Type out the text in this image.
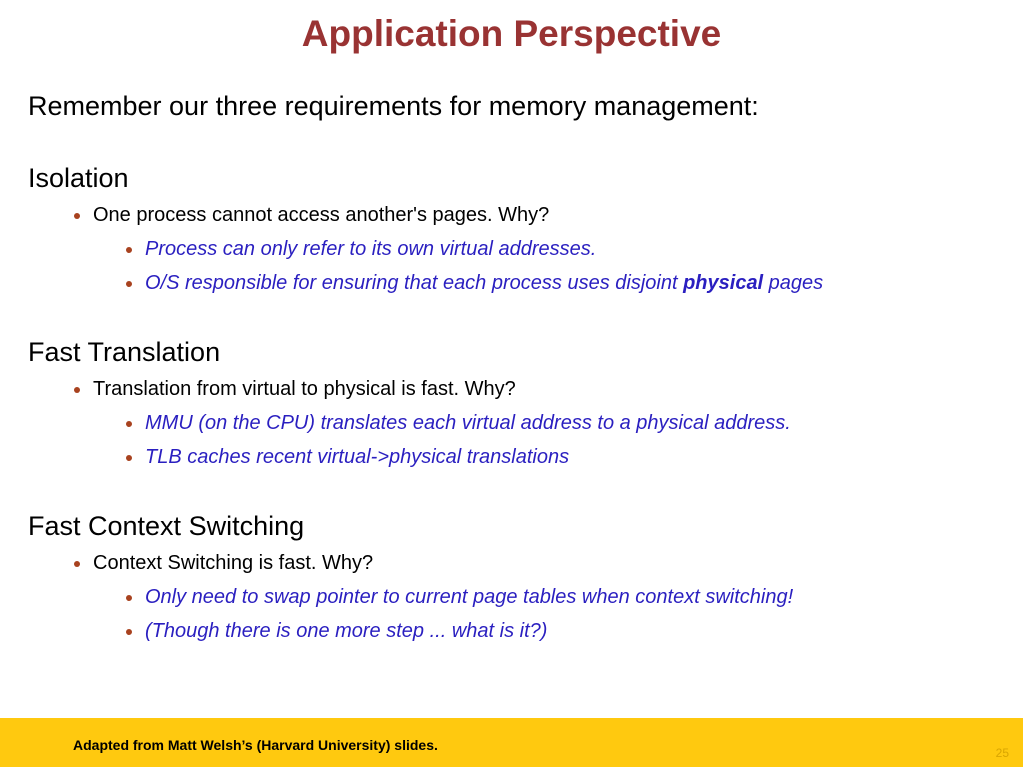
Application Perspective

Remember our three requirements for memory management:

Isolation
One process cannot access another's pages. Why?
Process can only refer to its own virtual addresses.
O/S responsible for ensuring that each process uses disjoint physical pages
Fast Translation
Translation from virtual to physical is fast. Why?
MMU (on the CPU) translates each virtual address to a physical address.
TLB caches recent virtual->physical translations
Fast Context Switching
Context Switching is fast. Why?
Only need to swap pointer to current page tables when context switching!
(Though there is one more step ... what is it?)
Adapted from Matt Welsh’s (Harvard University) slides.	25
